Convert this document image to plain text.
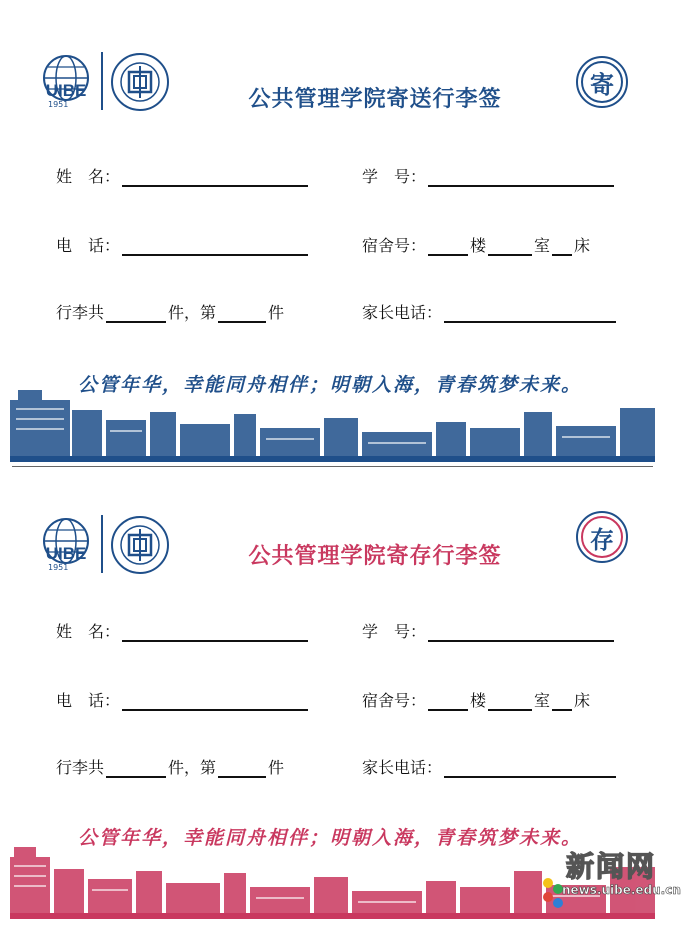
UIBE
1951	公共管理学院寄送行李签
寄
姓　名：	学　号：
电　话：	宿舍号：	楼	室 床
行李共	件，第	件	家长电话：
公管年华，幸能同舟相伴；明朝入海，青春筑梦未来。
UIBE
1951	公共管理学院寄存行李签
存
姓　名：	学　号：
电　话：	宿舍号：	楼	室 床
行李共	件，第	件	家长电话：
公管年华，幸能同舟相伴；明朝入海，青春筑梦未来。
新闻网
news.uibe.edu.cn
